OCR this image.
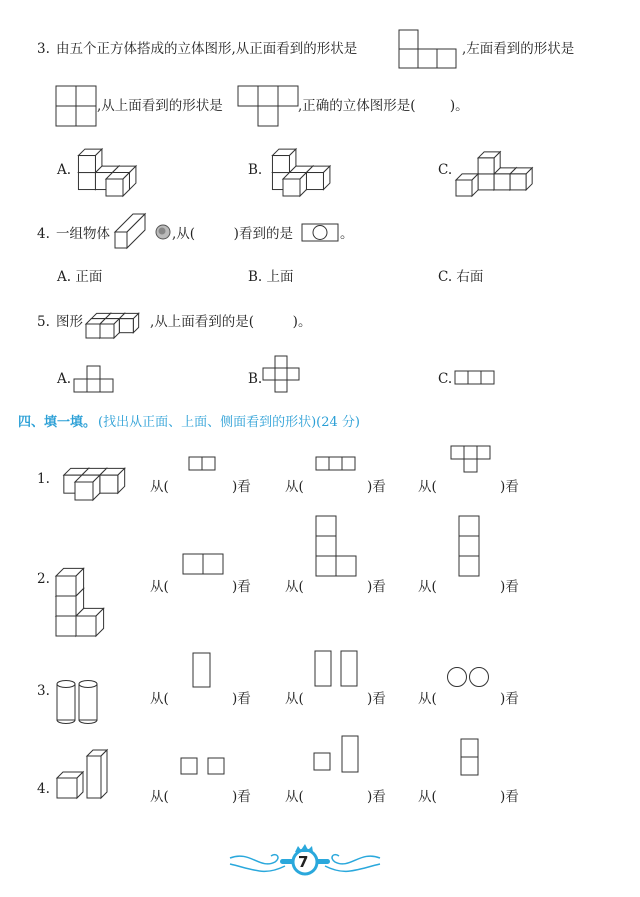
3. 由五个正方体搭成的立体图形,从正面看到的形状是	,左面看到的形状是
,从上面看到的形状是	,正确的立体图形是(        )。
A.	B.	C.
4. 一组物体	,从(         )看到的是	。
A. 正面	B. 上面	C. 右面
5. 图形	,从上面看到的是(         )。
A.	B.	C.
四、填一填。 (找出从正面、上面、侧面看到的形状)(24 分)
7
1.	从(	)看	从(	)看 从(	)看
2.	从(	)看	从(	)看 从(	)看
3.	从(	)看	从(	)看 从(	)看
4.	从(	)看	从(	)看 从(	)看
